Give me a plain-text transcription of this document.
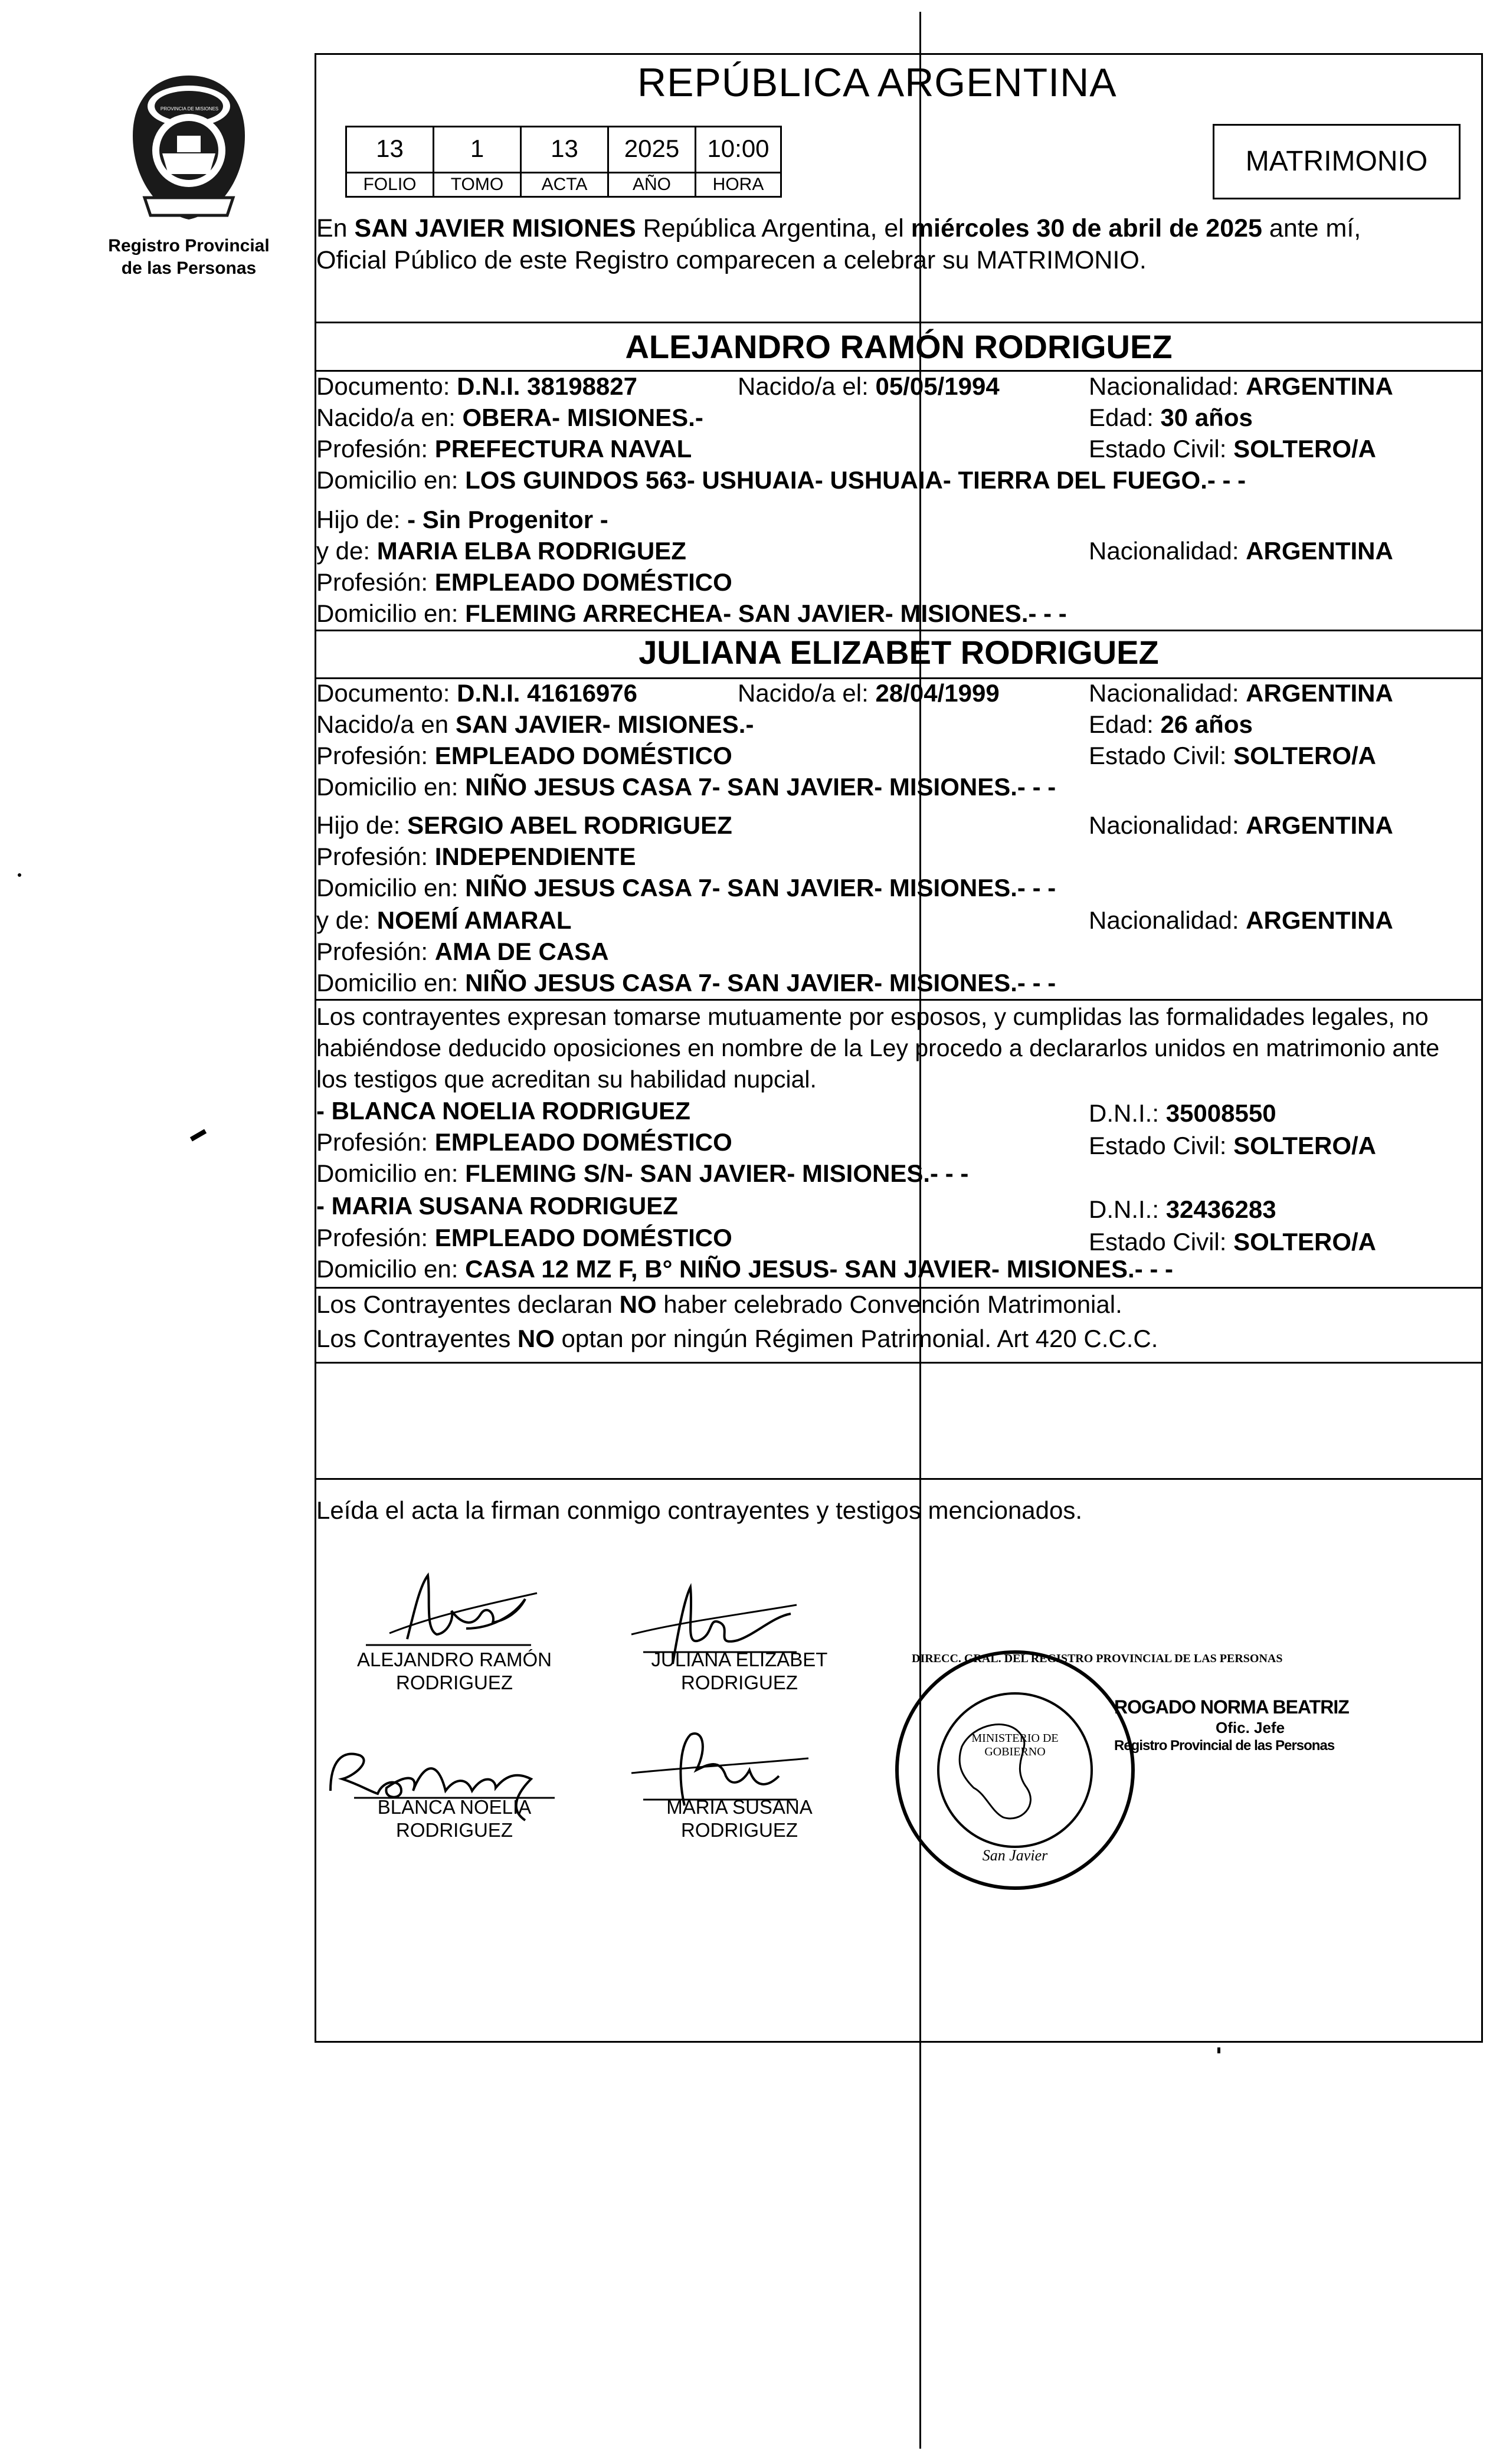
PROVINCIA DE MISIONES
Registro Provincial
de las Personas
REPÚBLICA ARGENTINA
13	1	13	2025	10:00
FOLIO	TOMO	ACTA	AÑO	HORA
MATRIMONIO
En SAN JAVIER MISIONES República Argentina, el miércoles 30 de abril de 2025 ante mí,
Oficial Público de este Registro comparecen a celebrar su MATRIMONIO.
ALEJANDRO RAMÓN RODRIGUEZ
Documento: D.N.I. 38198827	Nacido/a el: 05/05/1994	Nacionalidad: ARGENTINA
Nacido/a en: OBERA- MISIONES.-	Edad: 30 años
Profesión: PREFECTURA NAVAL	Estado Civil: SOLTERO/A
Domicilio en: LOS GUINDOS 563- USHUAIA- USHUAIA- TIERRA DEL FUEGO.- - -
Hijo de: - Sin Progenitor -
y de: MARIA ELBA RODRIGUEZ	Nacionalidad: ARGENTINA
Profesión: EMPLEADO DOMÉSTICO
Domicilio en: FLEMING ARRECHEA- SAN JAVIER- MISIONES.- - -
JULIANA ELIZABET RODRIGUEZ
Documento: D.N.I. 41616976	Nacido/a el: 28/04/1999	Nacionalidad: ARGENTINA
Nacido/a en SAN JAVIER- MISIONES.-	Edad: 26 años
Profesión: EMPLEADO DOMÉSTICO	Estado Civil: SOLTERO/A
Domicilio en: NIÑO JESUS CASA 7- SAN JAVIER- MISIONES.- - -
Hijo de: SERGIO ABEL RODRIGUEZ	Nacionalidad: ARGENTINA
Profesión: INDEPENDIENTE
Domicilio en: NIÑO JESUS CASA 7- SAN JAVIER- MISIONES.- - -
y de: NOEMÍ AMARAL	Nacionalidad: ARGENTINA
Profesión: AMA DE CASA
Domicilio en: NIÑO JESUS CASA 7- SAN JAVIER- MISIONES.- - -
Los contrayentes expresan tomarse mutuamente por esposos, y cumplidas las formalidades legales, no
habiéndose deducido oposiciones en nombre de la Ley procedo a declararlos unidos en matrimonio ante
los testigos que acreditan su habilidad nupcial.
- BLANCA NOELIA RODRIGUEZ	D.N.I.: 35008550
Profesión: EMPLEADO DOMÉSTICO	Estado Civil: SOLTERO/A
Domicilio en: FLEMING S/N- SAN JAVIER- MISIONES.- - -
- MARIA SUSANA RODRIGUEZ	D.N.I.: 32436283
Profesión: EMPLEADO DOMÉSTICO	Estado Civil: SOLTERO/A
Domicilio en: CASA 12 MZ F, B° NIÑO JESUS- SAN JAVIER- MISIONES.- - -
Los Contrayentes declaran NO haber celebrado Convención Matrimonial.
Los Contrayentes NO optan por ningún Régimen Patrimonial. Art 420 C.C.C.
Leída el acta la firman conmigo contrayentes y testigos mencionados.
ALEJANDRO RAMÓN
RODRIGUEZ
JULIANA ELIZABET
RODRIGUEZ
BLANCA NOELIA
RODRIGUEZ
MARIA SUSANA
RODRIGUEZ
DIRECC. GRAL. DEL REGISTRO PROVINCIAL DE LAS PERSONAS
MINISTERIO DE GOBIERNO
San Javier
ROGADO NORMA BEATRIZ
Ofic. Jefe
Registro Provincial de las Personas
